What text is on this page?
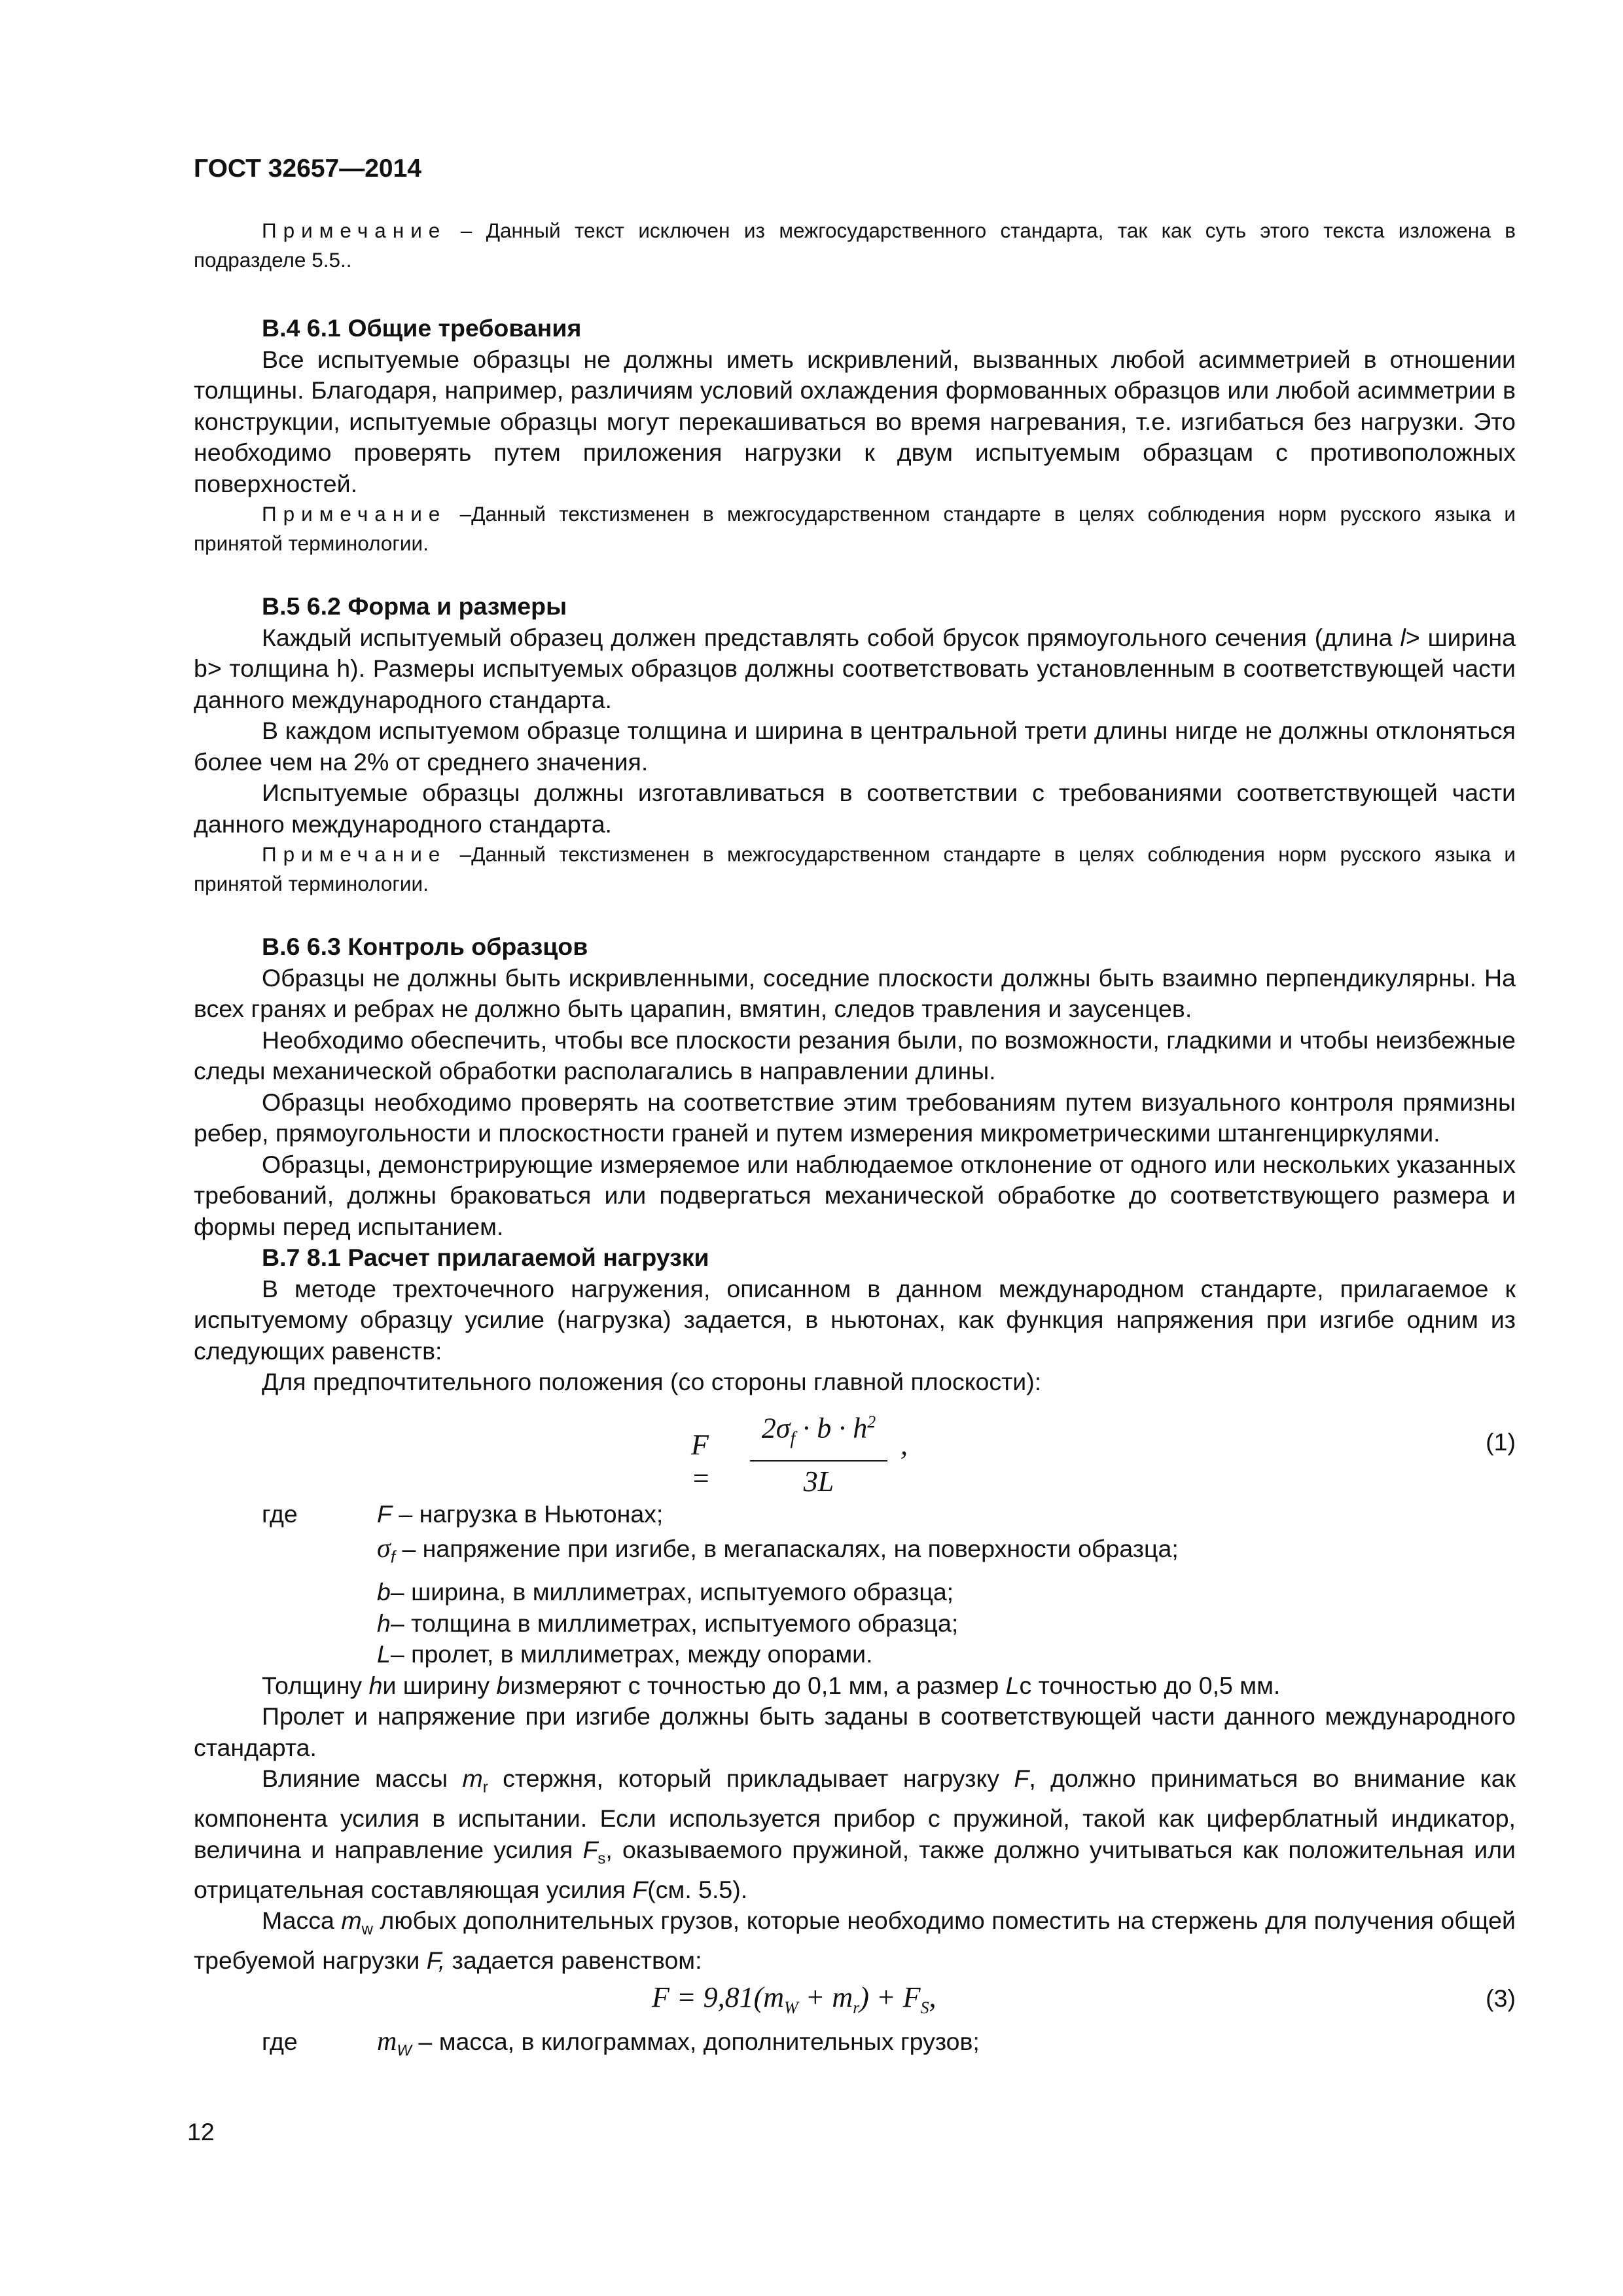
ГОСТ 32657—2014

Примечание – Данный текст исключен из межгосударственного стандарта, так как суть этого текста изложена в подразделе 5.5..

В.4 6.1 Общие требования

Все испытуемые образцы не должны иметь искривлений, вызванных любой асимметрией в отношении толщины. Благодаря, например, различиям условий охлаждения формованных образцов или любой асимметрии в конструкции, испытуемые образцы могут перекашиваться во время нагревания, т.е. изгибаться без нагрузки. Это необходимо проверять путем приложения нагрузки к двум испытуемым образцам с противоположных поверхностей.

Примечание –Данный текстизменен в межгосударственном стандарте в целях соблюдения норм русского языка и принятой терминологии.

В.5 6.2 Форма и размеры

Каждый испытуемый образец должен представлять собой брусок прямоугольного сечения (длина l> ширина b> толщина h). Размеры испытуемых образцов должны соответствовать установленным в соответствующей части данного международного стандарта.

В каждом испытуемом образце толщина и ширина в центральной трети длины нигде не должны отклоняться более чем на 2% от среднего значения.

Испытуемые образцы должны изготавливаться в соответствии с требованиями соответствующей части данного международного стандарта.

Примечание –Данный текстизменен в межгосударственном стандарте в целях соблюдения норм русского языка и принятой терминологии.

В.6 6.3 Контроль образцов

Образцы не должны быть искривленными, соседние плоскости должны быть взаимно перпендикулярны. На всех гранях и ребрах не должно быть царапин, вмятин, следов травления и заусенцев.

Необходимо обеспечить, чтобы все плоскости резания были, по возможности, гладкими и чтобы неизбежные следы механической обработки располагались в направлении длины.

Образцы необходимо проверять на соответствие этим требованиям путем визуального контроля прямизны ребер, прямоугольности и плоскостности граней и путем измерения микрометрическими штангенциркулями.

Образцы, демонстрирующие измеряемое или наблюдаемое отклонение от одного или нескольких указанных требований, должны браковаться или подвергаться механической обработке до соответствующего размера и формы перед испытанием.

В.7 8.1 Расчет прилагаемой нагрузки

В методе трехточечного нагружения, описанном в данном международном стандарте, прилагаемое к испытуемому образцу усилие (нагрузка) задается, в ньютонах, как функция напряжения при изгибе одним из следующих равенств:

Для предпочтительного положения (со стороны главной плоскости):

$F = \frac{2\sigma_f \cdot b \cdot h^2}{3L}$ ,	(1)
где	F – нагрузка в Ньютонах;
$\sigma_f$ – напряжение при изгибе, в мегапаскалях, на поверхности образца;
b– ширина, в миллиметрах, испытуемого образца;
h– толщина в миллиметрах, испытуемого образца;
L– пролет, в миллиметрах, между опорами.

Толщину hи ширину bизмеряют с точностью до 0,1 мм, а размер Lс точностью до 0,5 мм.

Пролет и напряжение при изгибе должны быть заданы в соответствующей части данного международного стандарта.

Влияние массы $m_r$ стержня, который прикладывает нагрузку F, должно приниматься во внимание как компонента усилия в испытании. Если используется прибор с пружиной, такой как циферблатный индикатор, величина и направление усилия $F_s$, оказываемого пружиной, также должно учитываться как положительная или отрицательная составляющая усилия F(см. 5.5).

Масса $m_w$ любых дополнительных грузов, которые необходимо поместить на стержень для получения общей требуемой нагрузки F, задается равенством:

$F = 9,81(m_W + m_r) + F_S$,	(3)
где	$m_W$ – масса, в килограммах, дополнительных грузов;
12
